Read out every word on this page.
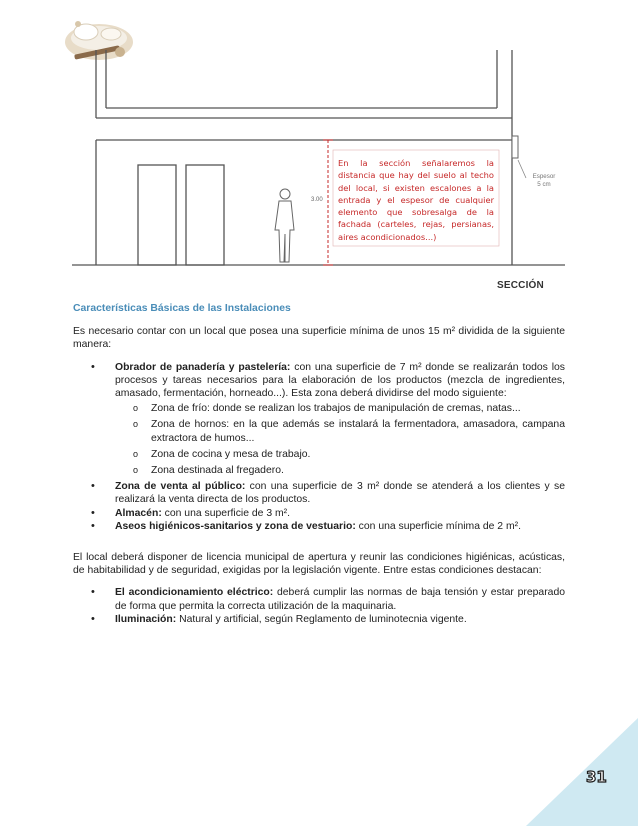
En la sección señalaremos la distancia que hay del suelo al techo del local, si existen escalones a la entrada y el espesor de cualquier elemento que sobresalga de la fachada (carteles, rejas, persianas, aires acondicionados...)

3.00
Espesor
5 cm
SECCIÓN

Características Básicas de las Instalaciones

Es necesario contar con un local que posea una superficie mínima de unos 15 m² dividida de la siguiente manera:

• Obrador de panadería y pastelería: con una superficie de 7 m² donde se realizarán todos los procesos y tareas necesarios para la elaboración de los productos (mezcla de ingredientes, amasado, fermentación, horneado...). Esta zona deberá dividirse del modo siguiente:
o Zona de frío: donde se realizan los trabajos de manipulación de cremas, natas...
o Zona de hornos: en la que además se instalará la fermentadora, amasadora, campana extractora de humos...
o Zona de cocina y mesa de trabajo.
o Zona destinada al fregadero.
• Zona de venta al público: con una superficie de 3 m² donde se atenderá a los clientes y se realizará la venta directa de los productos.
• Almacén: con una superficie de 3 m².
• Aseos higiénicos-sanitarios y zona de vestuario: con una superficie mínima de 2 m².

El local deberá disponer de licencia municipal de apertura y reunir las condiciones higiénicas, acústicas, de habitabilidad y de seguridad, exigidas por la legislación vigente. Entre estas condiciones destacan:

• El acondicionamiento eléctrico: deberá cumplir las normas de baja tensión y estar preparado de forma que permita la correcta utilización de la maquinaria.
• Iluminación: Natural y artificial, según Reglamento de luminotecnia vigente.
31
